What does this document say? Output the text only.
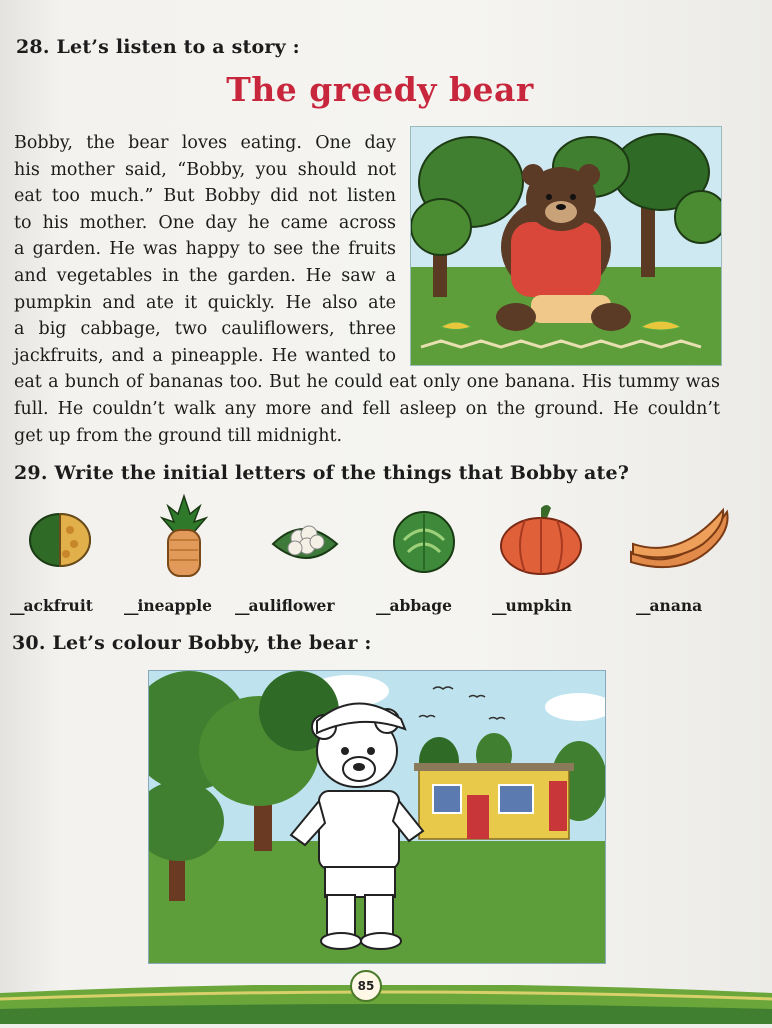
28. Let’s listen to a story :
The greedy bear
Bobby, the bear loves eating. One day
his mother said, “Bobby, you should not
eat too much.” But Bobby did not listen
to his mother. One day he came across
a garden. He was happy to see the fruits
and vegetables in the garden. He saw a
pumpkin and ate it quickly. He also ate
a big cabbage, two cauliflowers, three
jackfruits, and a pineapple. He wanted to
eat a bunch of bananas too. But he could eat only one banana. His tummy was
full. He couldn’t walk any more and fell asleep on the ground. He couldn’t
get up from the ground till midnight.
29. Write the initial letters of the things that Bobby ate?
__ackfruit	__ineapple	__auliflower	__abbage	__umpkin	__anana
30. Let’s colour Bobby, the bear :
85
